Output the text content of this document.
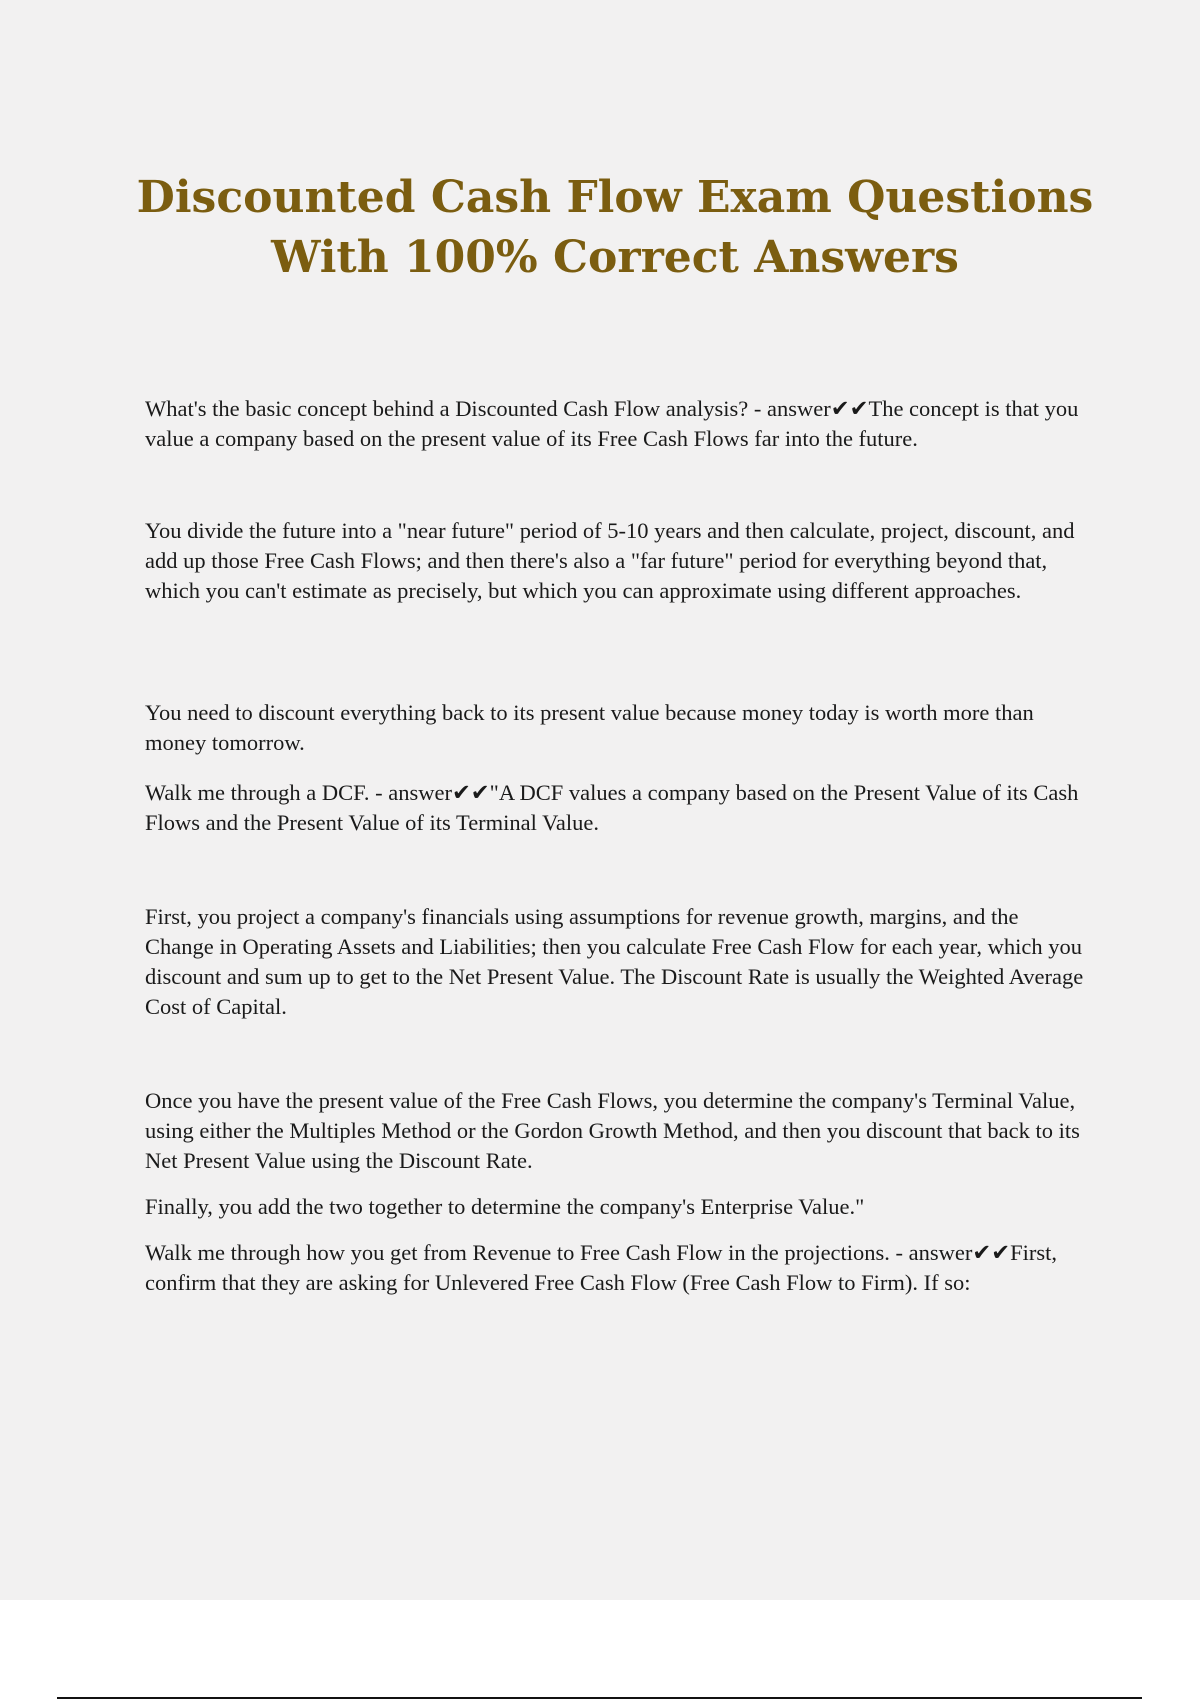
Discounted Cash Flow Exam Questions With 100% Correct Answers

What's the basic concept behind a Discounted Cash Flow analysis? - answer✔✔The concept is that you value a company based on the present value of its Free Cash Flows far into the future.

You divide the future into a "near future" period of 5-10 years and then calculate, project, discount, and add up those Free Cash Flows; and then there's also a "far future" period for everything beyond that, which you can't estimate as precisely, but which you can approximate using different approaches.

You need to discount everything back to its present value because money today is worth more than money tomorrow.

Walk me through a DCF. - answer✔✔"A DCF values a company based on the Present Value of its Cash Flows and the Present Value of its Terminal Value.

First, you project a company's financials using assumptions for revenue growth, margins, and the Change in Operating Assets and Liabilities; then you calculate Free Cash Flow for each year, which you discount and sum up to get to the Net Present Value. The Discount Rate is usually the Weighted Average Cost of Capital.

Once you have the present value of the Free Cash Flows, you determine the company's Terminal Value, using either the Multiples Method or the Gordon Growth Method, and then you discount that back to its Net Present Value using the Discount Rate.

Finally, you add the two together to determine the company's Enterprise Value."

Walk me through how you get from Revenue to Free Cash Flow in the projections. - answer✔✔First, confirm that they are asking for Unlevered Free Cash Flow (Free Cash Flow to Firm). If so:
